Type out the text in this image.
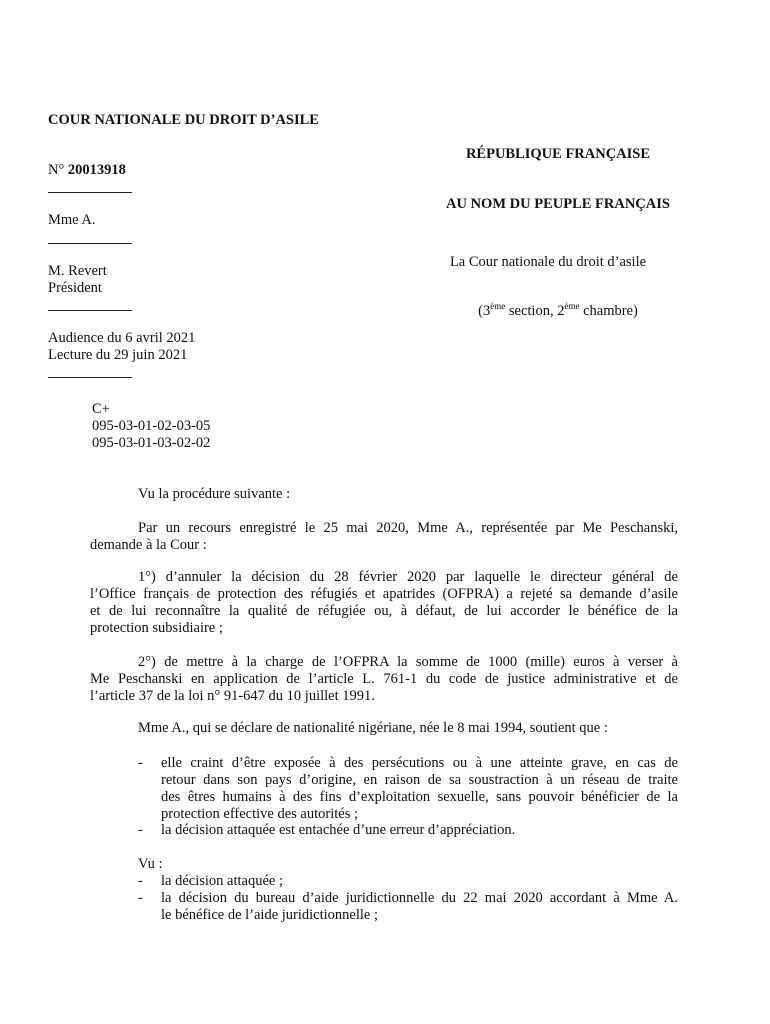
COUR NATIONALE DU DROIT D’ASILE
N° 20013918
Mme A.
M. Revert
Président
Audience du 6 avril 2021
Lecture du 29 juin 2021
C+
095-03-01-02-03-05
095-03-01-03-02-02
RÉPUBLIQUE FRANÇAISE
AU NOM DU PEUPLE FRANÇAIS
La Cour nationale du droit d’asile
(3ème section, 2ème chambre)
Vu la procédure suivante :
Par un recours enregistré le 25 mai 2020, Mme A., représentée par Me Peschanski,
demande à la Cour :
1°) d’annuler la décision du 28 février 2020 par laquelle le directeur général de
l’Office français de protection des réfugiés et apatrides (OFPRA) a rejeté sa demande d’asile
et de lui reconnaître la qualité de réfugiée ou, à défaut, de lui accorder le bénéfice de la
protection subsidiaire ;
2°) de mettre à la charge de l’OFPRA la somme de 1000 (mille) euros à verser à
Me Peschanski en application de l’article L. 761-1 du code de justice administrative et de
l’article 37 de la loi n° 91-647 du 10 juillet 1991.
Mme A., qui se déclare de nationalité nigériane, née le 8 mai 1994, soutient que :
- elle craint d’être exposée à des persécutions ou à une atteinte grave, en cas de
retour dans son pays d’origine, en raison de sa soustraction à un réseau de traite
des êtres humains à des fins d’exploitation sexuelle, sans pouvoir bénéficier de la
protection effective des autorités ;
- la décision attaquée est entachée d’une erreur d’appréciation.
Vu :
- la décision attaquée ;
- la décision du bureau d’aide juridictionnelle du 22 mai 2020 accordant à Mme A.
le bénéfice de l’aide juridictionnelle ;
